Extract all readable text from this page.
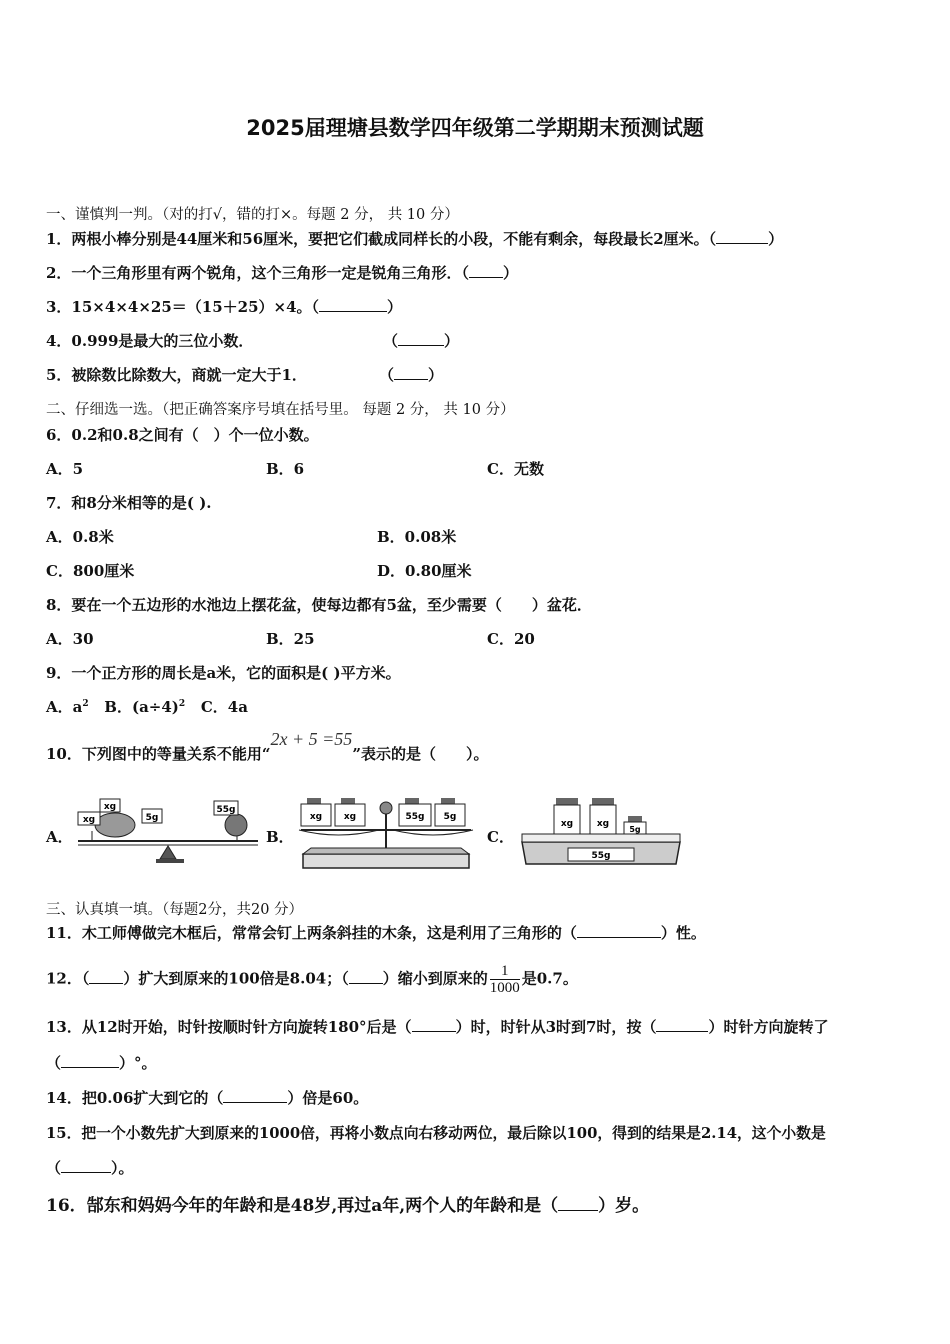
2025届理塘县数学四年级第二学期期末预测试题
一、谨慎判一判。（对的打√，错的打×。每题 2 分， 共 10 分）
1．两根小棒分别是44厘米和56厘米，要把它们截成同样长的小段，不能有剩余，每段最长2厘米。（	）
2．一个三角形里有两个锐角，这个三角形一定是锐角三角形．（ ）
3．15×4×4×25＝（15＋25）×4。（	）
4．0.999是最大的三位小数．	（	）
5．被除数比除数大，商就一定大于1．	（ ）
二、仔细选一选。（把正确答案序号填在括号里。 每题 2 分， 共 10 分）
6．0.2和0.8之间有（　）个一位小数。
A．5	B．6	C．无数
7．和8分米相等的是( ).
A．0.8米	B．0.08米
C．800厘米	D．0.80厘米
8．要在一个五边形的水池边上摆花盆，使每边都有5盆，至少需要（　　）盆花．
A．30	B．25	C．20
9．一个正方形的周长是a米，它的面积是( )平方米。
A．$a^2$ B．$(a\div 4)^2$ C．4a
10．下列图中的等量关系不能用“2x + 5 =55”表示的是（　　）。
A．	B．	C．
xg
xg
5g
55g
xg xg	55g 5g
xg	xg
5g
55g
三、认真填一填。（每题2分，共20 分）
11．木工师傅做完木框后，常常会钉上两条斜挂的木条，这是利用了三角形的（	）性。
12．（ ）扩大到原来的100倍是8.04；（ ）缩小到原来的 $\frac{1}{1000}$ 是0.7。
13．从12时开始，时针按顺时针方向旋转180°后是（	）时，时针从3时到7时，按（	）时针方向旋转了
（	）°。
14．把0.06扩大到它的（	）倍是60。
15．把一个小数先扩大到原来的1000倍，再将小数点向右移动两位，最后除以100，得到的结果是2.14，这个小数是
（	）。
16．郜东和妈妈今年的年龄和是48岁,再过a年,两个人的年龄和是（ ）岁。
